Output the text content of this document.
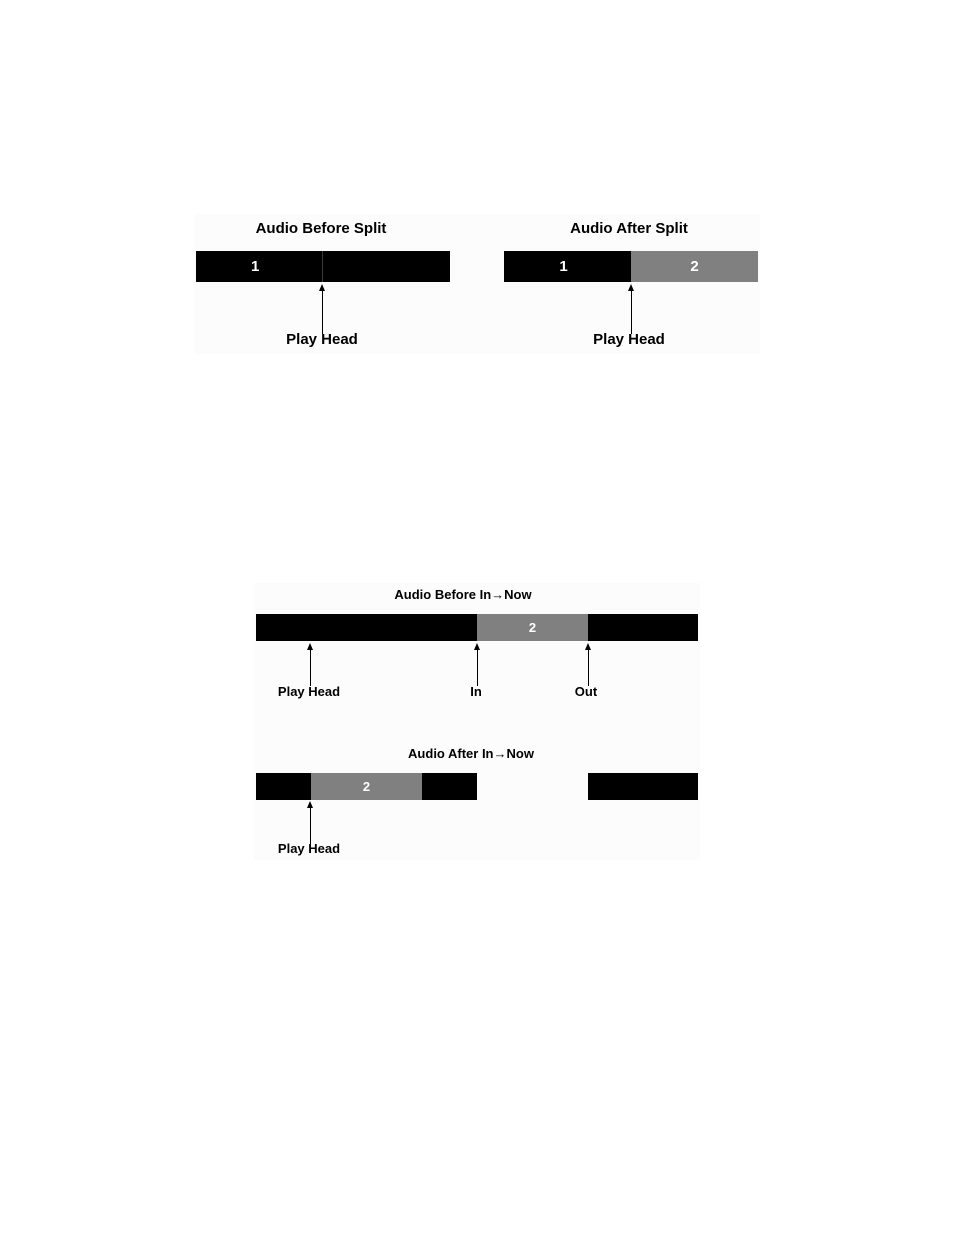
Audio Before Split
1
Play Head
Audio After Split
1	2
Play Head
Audio Before In→Now
2
Play Head	In	Out
Audio After In→Now
2
Play Head
